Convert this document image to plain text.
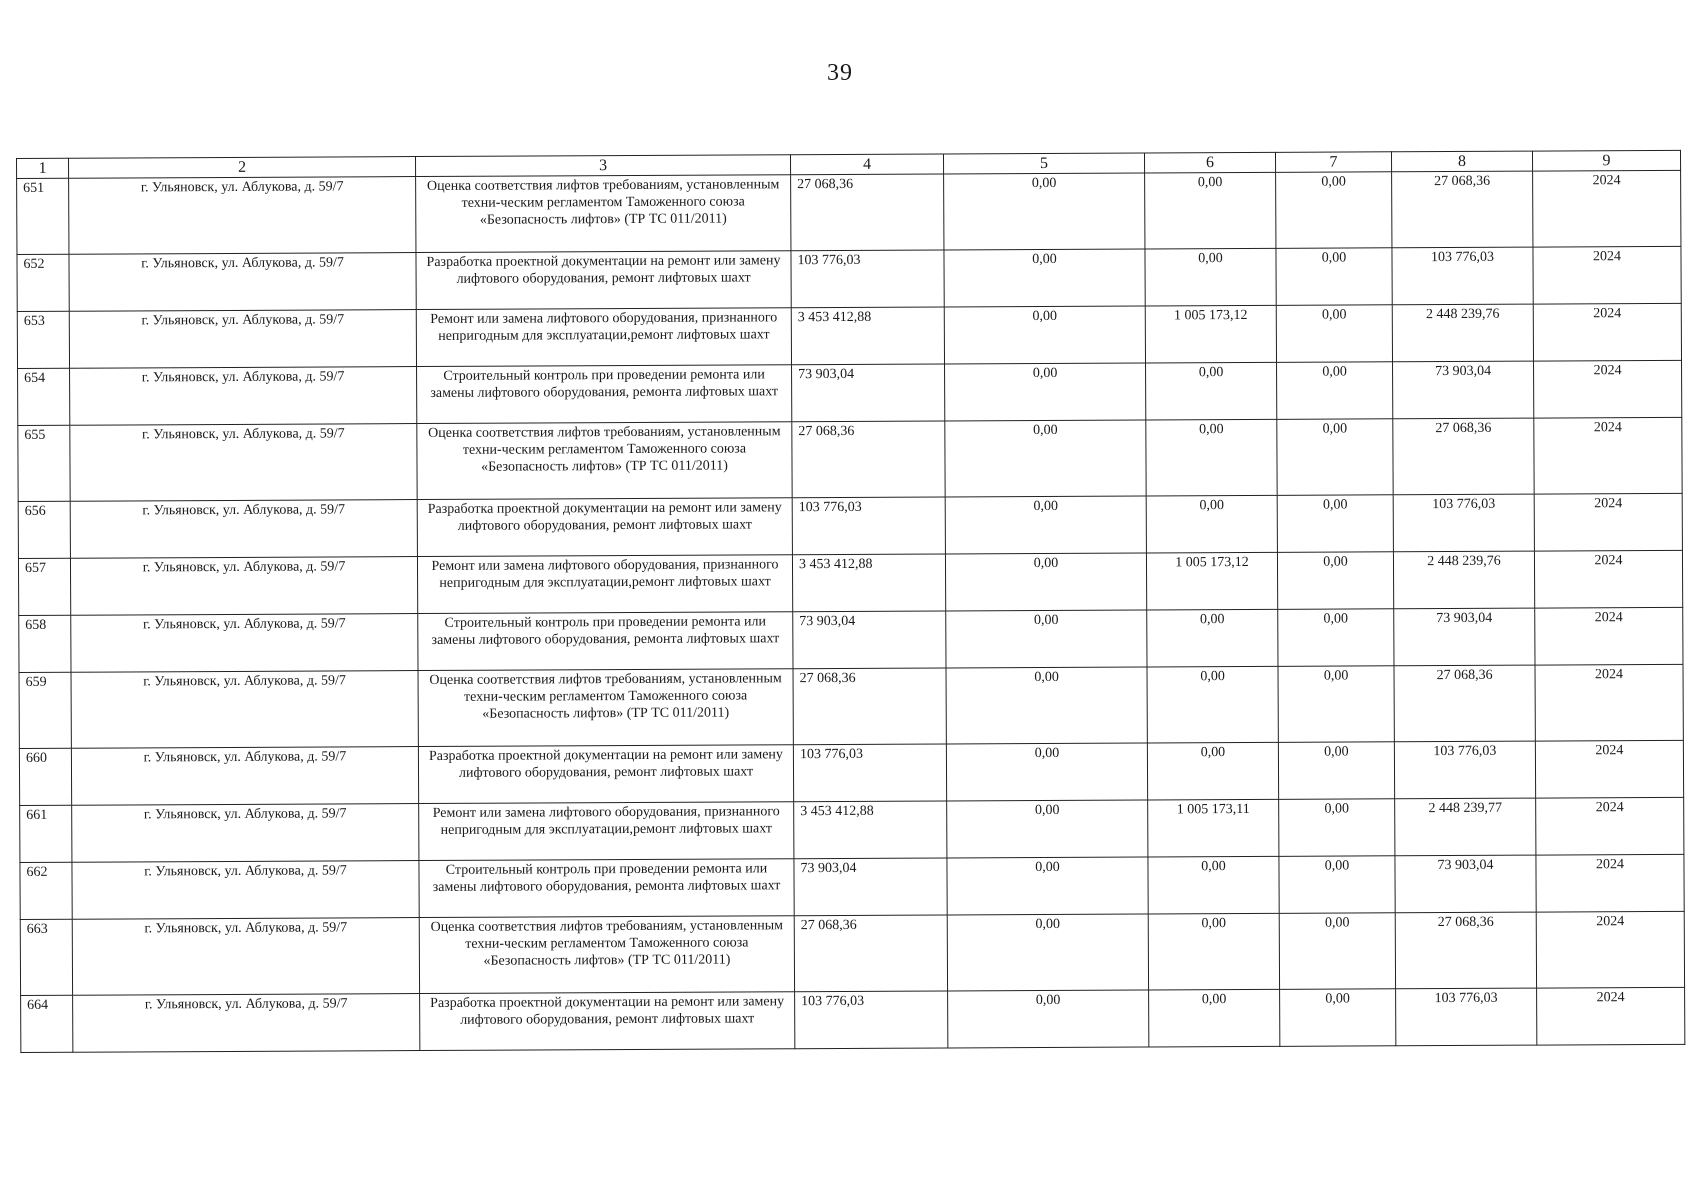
39
1	2	3	4	5	6	7	8	9
651	г. Ульяновск, ул. Аблукова, д. 59/7	Оценка соответствия лифтов требованиям, установленным техни-ческим регламентом Таможенного союза «Безопасность лифтов» (ТР ТС 011/2011)	27 068,36	0,00	0,00	0,00	27 068,36	2024
652	г. Ульяновск, ул. Аблукова, д. 59/7	Разработка проектной документации на ремонт или замену лифтового оборудования, ремонт лифтовых шахт	103 776,03	0,00	0,00	0,00	103 776,03	2024
653	г. Ульяновск, ул. Аблукова, д. 59/7	Ремонт или замена лифтового оборудования, признанного непригодным для эксплуатации,ремонт лифтовых шахт	3 453 412,88	0,00	1 005 173,12	0,00	2 448 239,76	2024
654	г. Ульяновск, ул. Аблукова, д. 59/7	Строительный контроль при проведении ремонта или замены лифтового оборудования, ремонта лифтовых шахт	73 903,04	0,00	0,00	0,00	73 903,04	2024
655	г. Ульяновск, ул. Аблукова, д. 59/7	Оценка соответствия лифтов требованиям, установленным техни-ческим регламентом Таможенного союза «Безопасность лифтов» (ТР ТС 011/2011)	27 068,36	0,00	0,00	0,00	27 068,36	2024
656	г. Ульяновск, ул. Аблукова, д. 59/7	Разработка проектной документации на ремонт или замену лифтового оборудования, ремонт лифтовых шахт	103 776,03	0,00	0,00	0,00	103 776,03	2024
657	г. Ульяновск, ул. Аблукова, д. 59/7	Ремонт или замена лифтового оборудования, признанного непригодным для эксплуатации,ремонт лифтовых шахт	3 453 412,88	0,00	1 005 173,12	0,00	2 448 239,76	2024
658	г. Ульяновск, ул. Аблукова, д. 59/7	Строительный контроль при проведении ремонта или замены лифтового оборудования, ремонта лифтовых шахт	73 903,04	0,00	0,00	0,00	73 903,04	2024
659	г. Ульяновск, ул. Аблукова, д. 59/7	Оценка соответствия лифтов требованиям, установленным техни-ческим регламентом Таможенного союза «Безопасность лифтов» (ТР ТС 011/2011)	27 068,36	0,00	0,00	0,00	27 068,36	2024
660	г. Ульяновск, ул. Аблукова, д. 59/7	Разработка проектной документации на ремонт или замену лифтового оборудования, ремонт лифтовых шахт	103 776,03	0,00	0,00	0,00	103 776,03	2024
661	г. Ульяновск, ул. Аблукова, д. 59/7	Ремонт или замена лифтового оборудования, признанного непригодным для эксплуатации,ремонт лифтовых шахт	3 453 412,88	0,00	1 005 173,11	0,00	2 448 239,77	2024
662	г. Ульяновск, ул. Аблукова, д. 59/7	Строительный контроль при проведении ремонта или замены лифтового оборудования, ремонта лифтовых шахт	73 903,04	0,00	0,00	0,00	73 903,04	2024
663	г. Ульяновск, ул. Аблукова, д. 59/7	Оценка соответствия лифтов требованиям, установленным техни-ческим регламентом Таможенного союза «Безопасность лифтов» (ТР ТС 011/2011)	27 068,36	0,00	0,00	0,00	27 068,36	2024
664	г. Ульяновск, ул. Аблукова, д. 59/7	Разработка проектной документации на ремонт или замену лифтового оборудования, ремонт лифтовых шахт	103 776,03	0,00	0,00	0,00	103 776,03	2024
